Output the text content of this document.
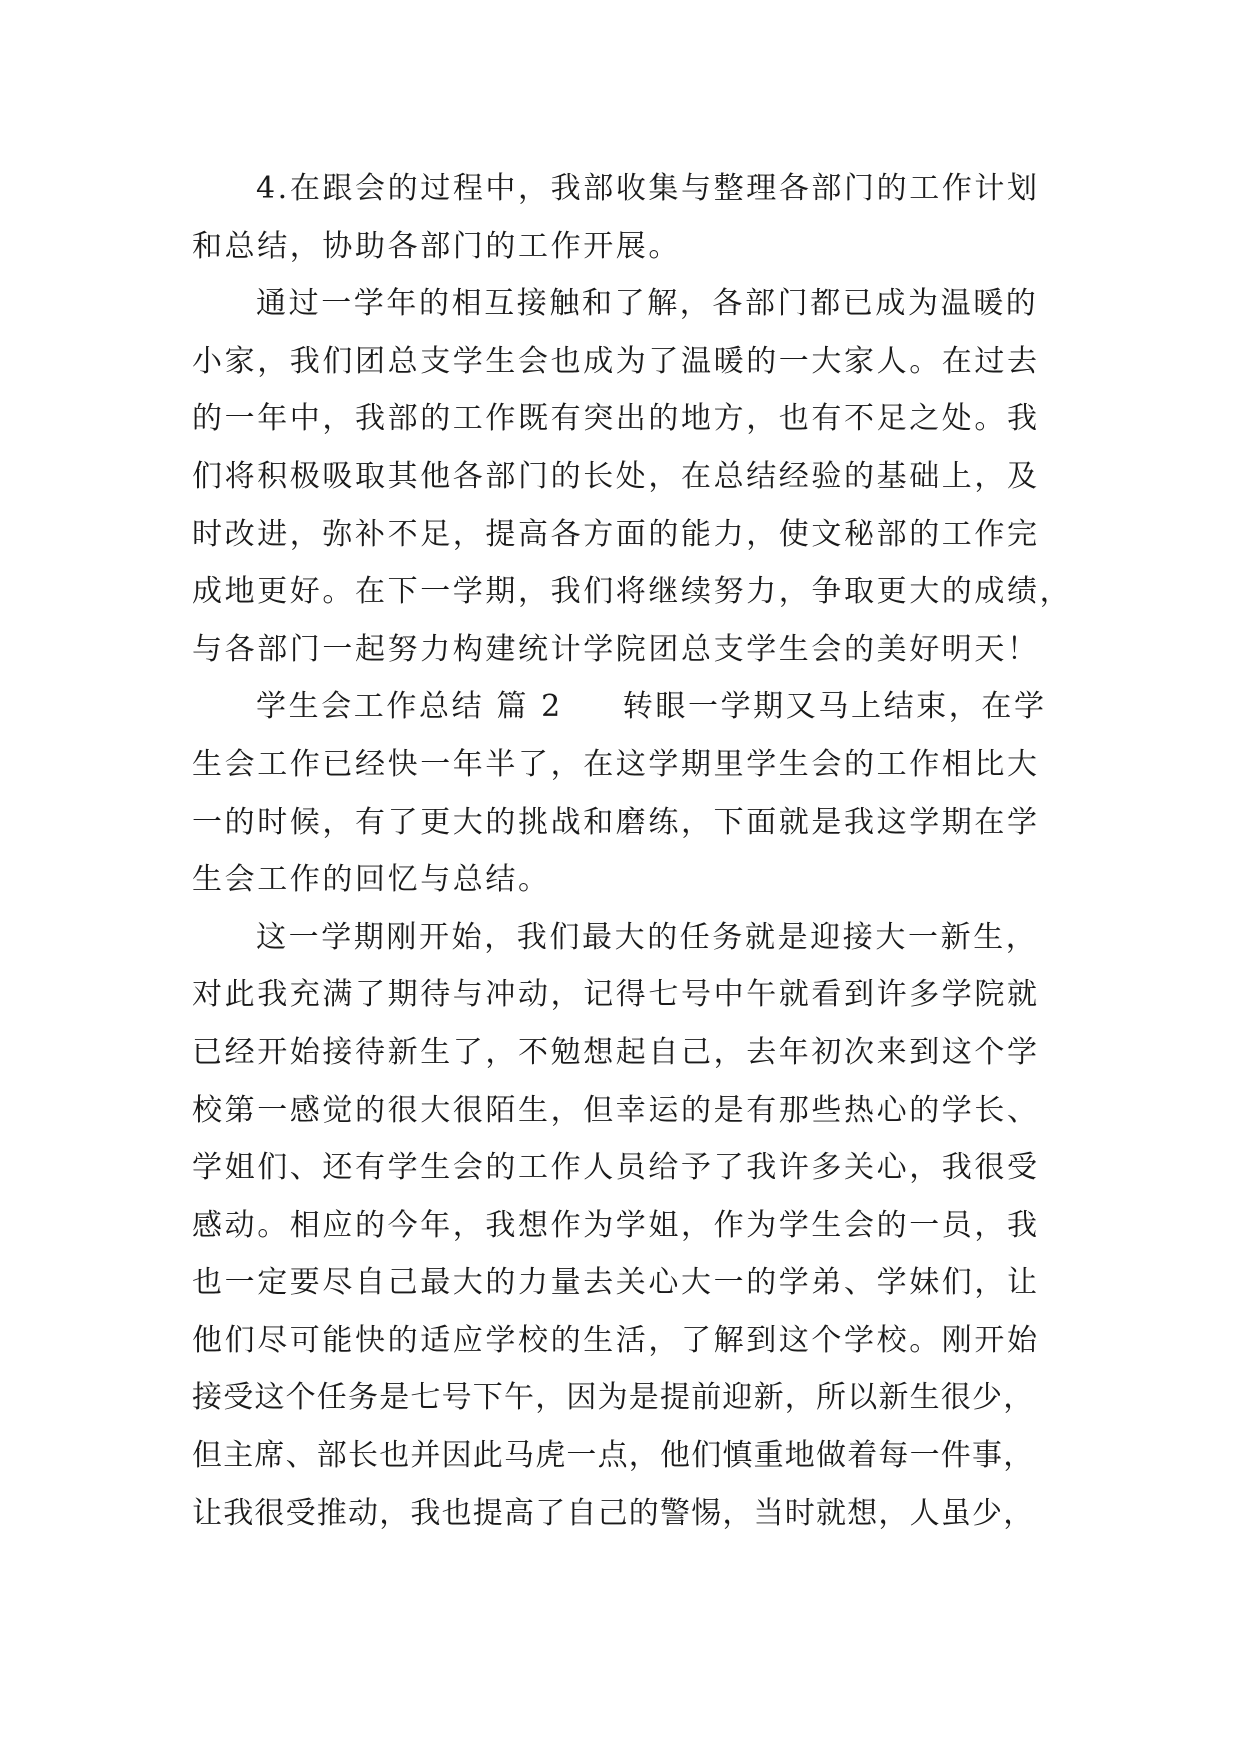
4.在跟会的过程中，我部收集与整理各部门的工作计划
和总结，协助各部门的工作开展。
通过一学年的相互接触和了解，各部门都已成为温暖的
小家，我们团总支学生会也成为了温暖的一大家人。在过去
的一年中，我部的工作既有突出的地方，也有不足之处。我
们将积极吸取其他各部门的长处，在总结经验的基础上，及
时改进，弥补不足，提高各方面的能力，使文秘部的工作完
成地更好。在下一学期，我们将继续努力，争取更大的成绩，
与各部门一起努力构建统计学院团总支学生会的美好明天！
学生会工作总结 篇 2 转眼一学期又马上结束，在学
生会工作已经快一年半了，在这学期里学生会的工作相比大
一的时候，有了更大的挑战和磨练，下面就是我这学期在学
生会工作的回忆与总结。
这一学期刚开始，我们最大的任务就是迎接大一新生，
对此我充满了期待与冲动，记得七号中午就看到许多学院就
已经开始接待新生了，不勉想起自己，去年初次来到这个学
校第一感觉的很大很陌生，但幸运的是有那些热心的学长、
学姐们、还有学生会的工作人员给予了我许多关心，我很受
感动。相应的今年，我想作为学姐，作为学生会的一员，我
也一定要尽自己最大的力量去关心大一的学弟、学妹们，让
他们尽可能快的适应学校的生活，了解到这个学校。刚开始
接受这个任务是七号下午，因为是提前迎新，所以新生很少，
但主席、部长也并因此马虎一点，他们慎重地做着每一件事，
让我很受推动，我也提高了自己的警惕，当时就想，人虽少，
